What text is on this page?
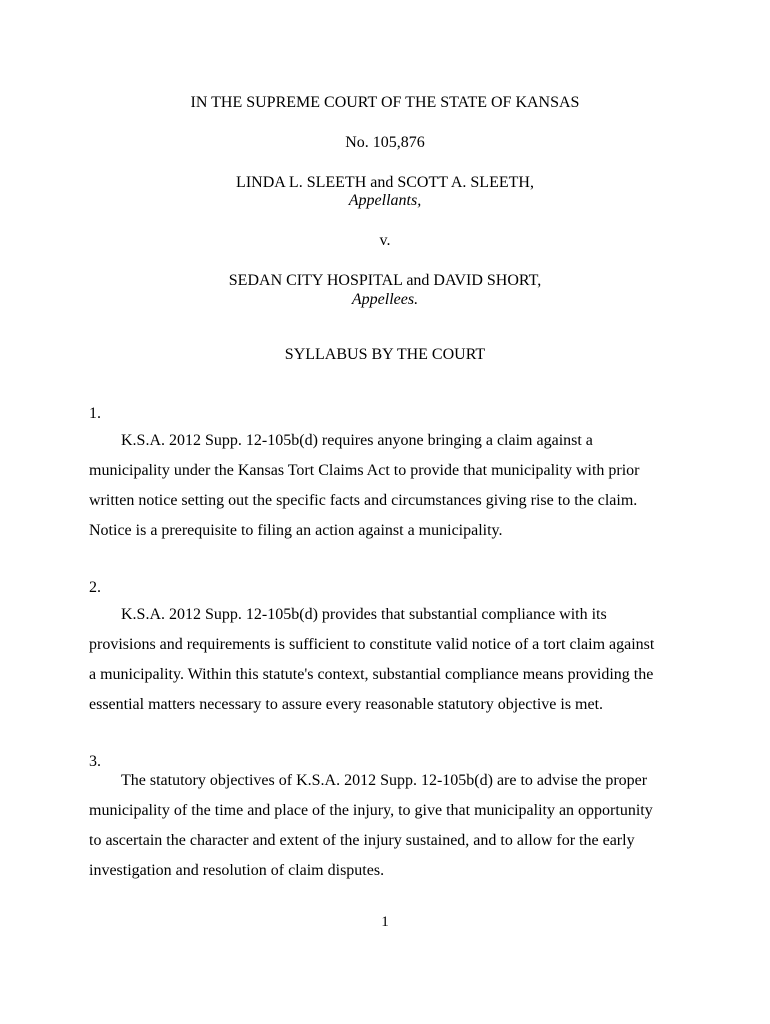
IN THE SUPREME COURT OF THE STATE OF KANSAS
No. 105,876
LINDA L. SLEETH and SCOTT A. SLEETH,
Appellants,
v.
SEDAN CITY HOSPITAL and DAVID SHORT,
Appellees.
SYLLABUS BY THE COURT
1.
K.S.A. 2012 Supp. 12-105b(d) requires anyone bringing a claim against a
municipality under the Kansas Tort Claims Act to provide that municipality with prior
written notice setting out the specific facts and circumstances giving rise to the claim.
Notice is a prerequisite to filing an action against a municipality.
2.
K.S.A. 2012 Supp. 12-105b(d) provides that substantial compliance with its
provisions and requirements is sufficient to constitute valid notice of a tort claim against
a municipality. Within this statute's context, substantial compliance means providing the
essential matters necessary to assure every reasonable statutory objective is met.
3.
The statutory objectives of K.S.A. 2012 Supp. 12-105b(d) are to advise the proper
municipality of the time and place of the injury, to give that municipality an opportunity
to ascertain the character and extent of the injury sustained, and to allow for the early
investigation and resolution of claim disputes.
1
